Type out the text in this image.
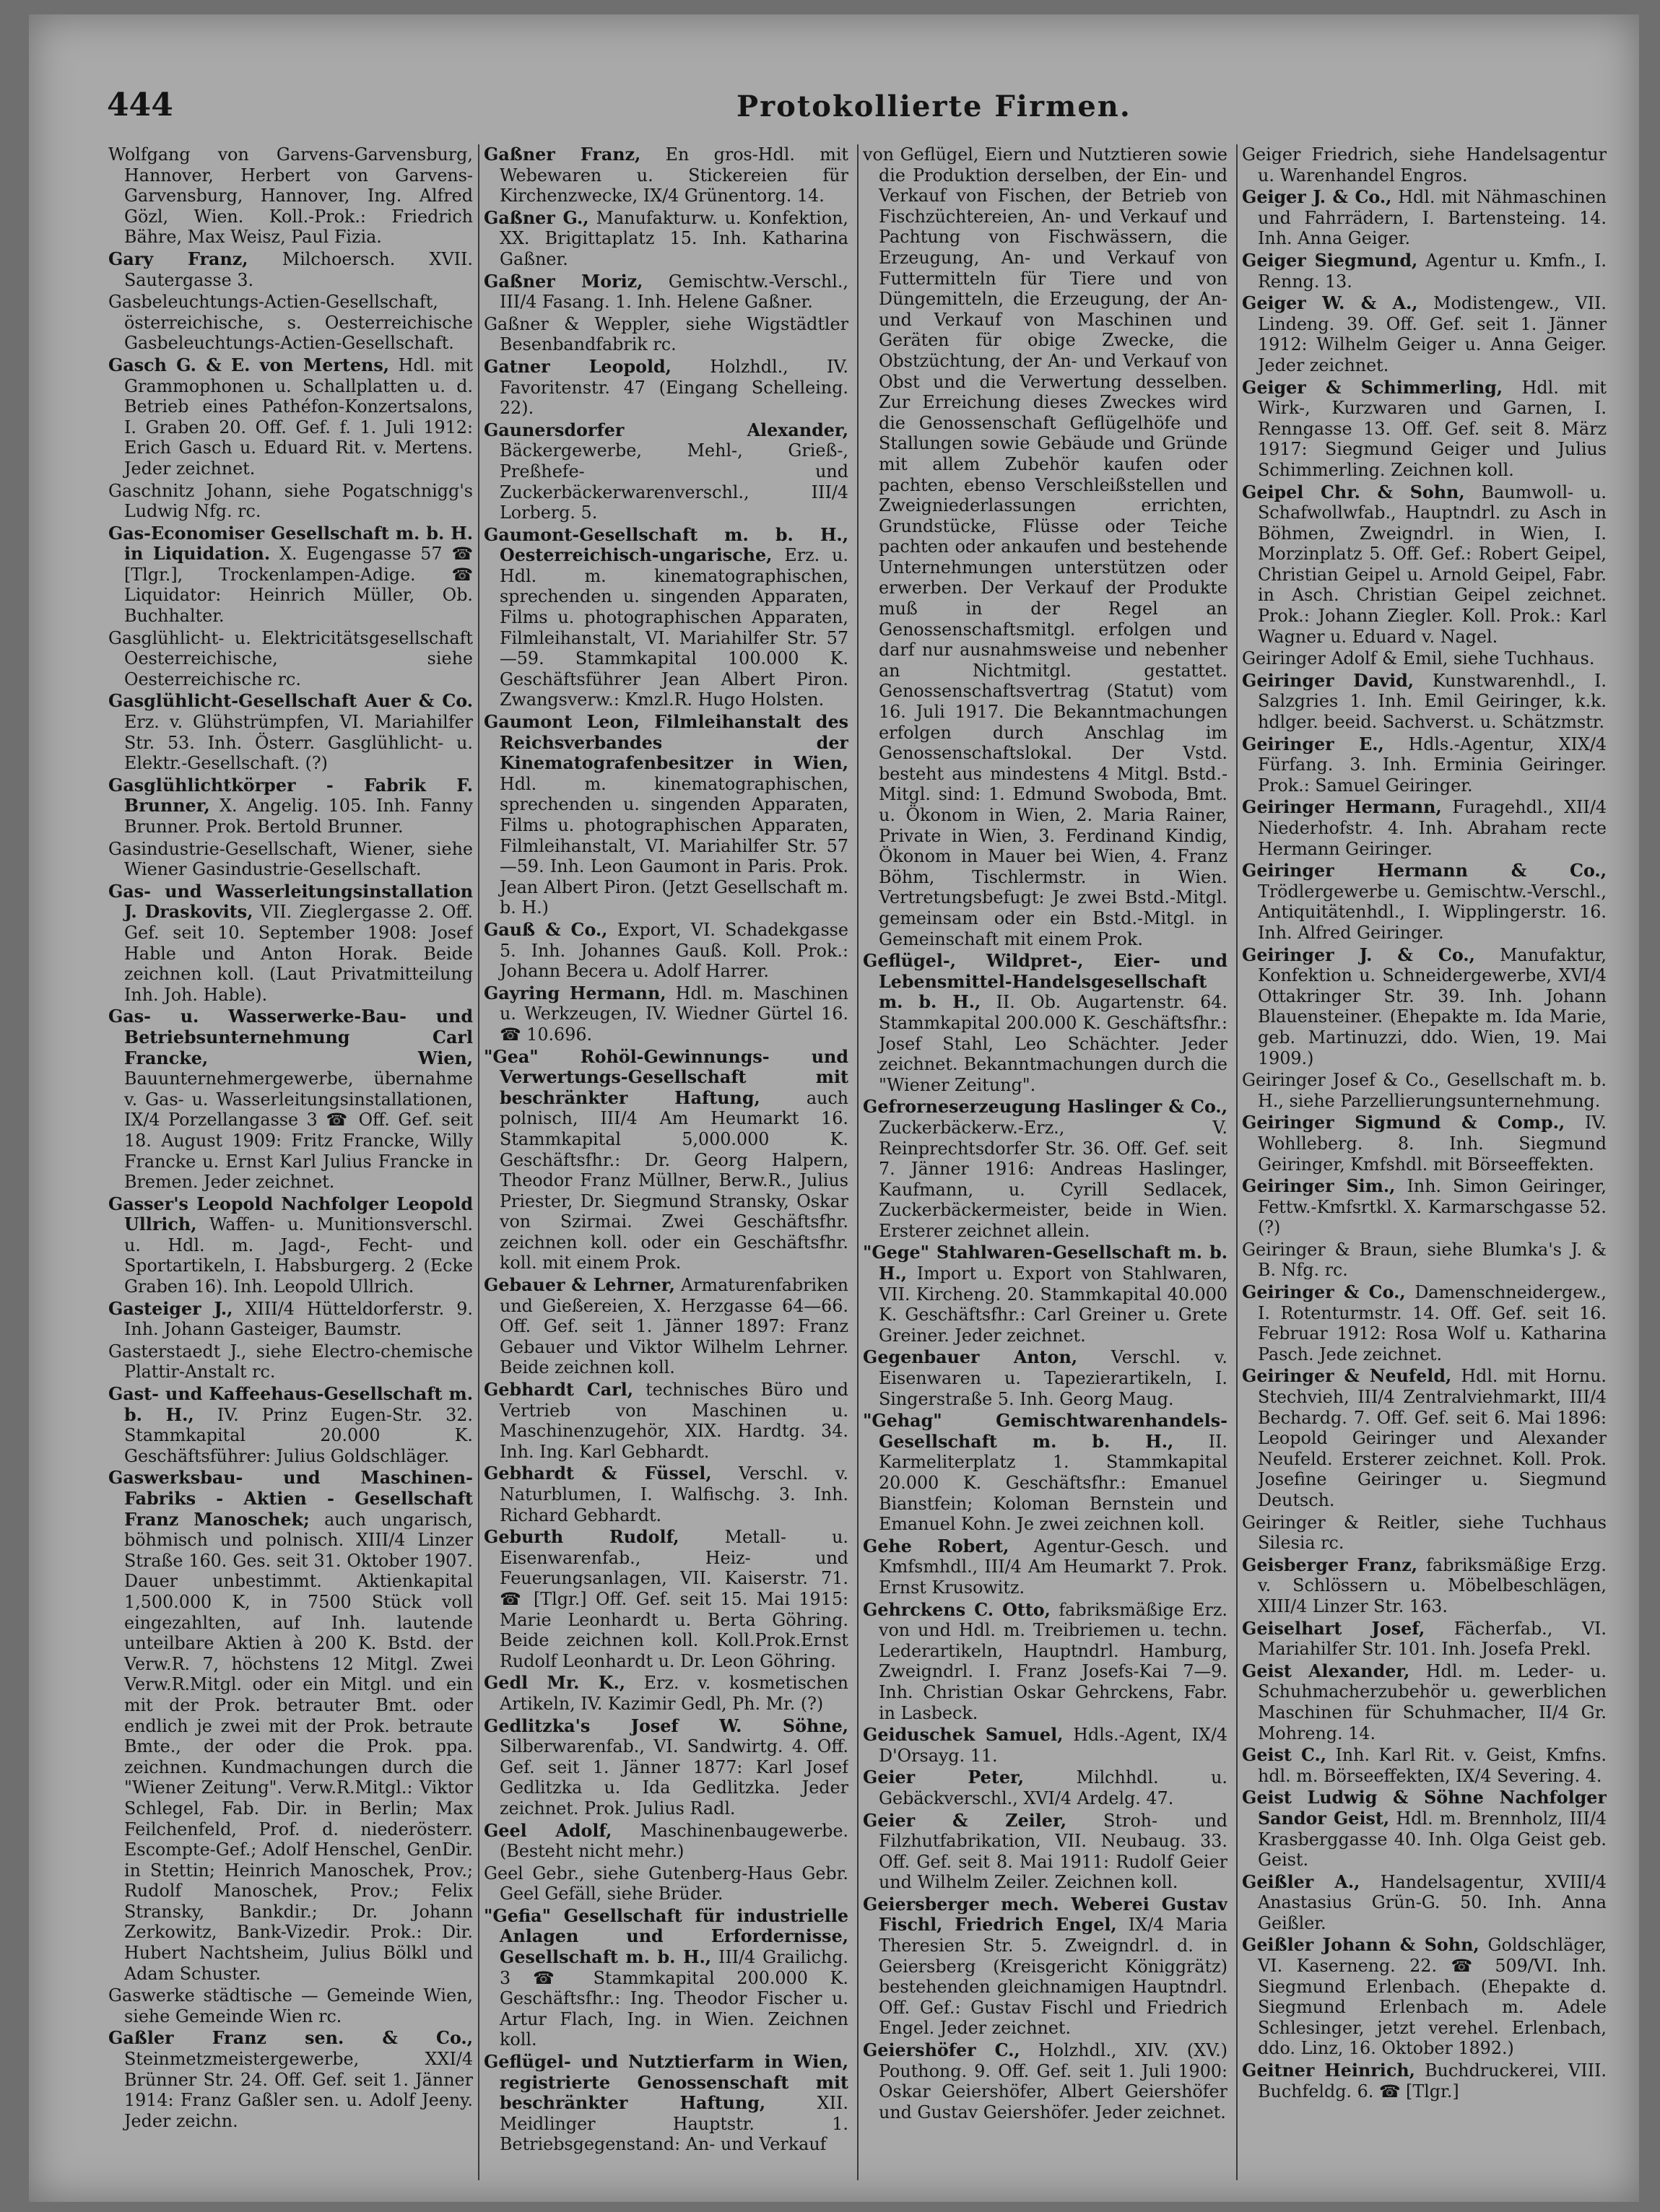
444	Protokollierte Firmen.
Wolfgang von Garvens-Garvensburg, Hannover, Herbert von Garvens-Garvensburg, Hannover, Ing. Alfred Gözl, Wien. Koll.-Prok.: Friedrich Bähre, Max Weisz, Paul Fizia.
Gary Franz, Milchoersch. XVII. Sautergasse 3.
Gasbeleuchtungs-Actien-Gesellschaft, österreichische, s. Oesterreichische Gasbeleuchtungs-Actien-Gesellschaft.
Gasch G. & E. von Mertens, Hdl. mit Grammophonen u. Schallplatten u. d. Betrieb eines Pathéfon-Konzertsalons, I. Graben 20. Off. Gef. f. 1. Juli 1912: Erich Gasch u. Eduard Rit. v. Mertens. Jeder zeichnet.
Gaschnitz Johann, siehe Pogatschnigg's Ludwig Nfg. rc.
Gas-Economiser Gesellschaft m. b. H. in Liquidation. X. Eugengasse 57 ☎ [Tlgr.], Trockenlampen-Adige. ☎ Liquidator: Heinrich Müller, Ob. Buchhalter.
Gasglühlicht- u. Elektricitätsgesellschaft Oesterreichische, siehe Oesterreichische rc.
Gasglühlicht-Gesellschaft Auer & Co. Erz. v. Glühstrümpfen, VI. Mariahilfer Str. 53. Inh. Österr. Gasglühlicht- u. Elektr.-Gesellschaft. (?)
Gasglühlichtkörper - Fabrik F. Brunner, X. Angelig. 105. Inh. Fanny Brunner. Prok. Bertold Brunner.
Gasindustrie-Gesellschaft, Wiener, siehe Wiener Gasindustrie-Gesellschaft.
Gas- und Wasserleitungsinstallation J. Draskovits, VII. Zieglergasse 2. Off. Gef. seit 10. September 1908: Josef Hable und Anton Horak. Beide zeichnen koll. (Laut Privatmitteilung Inh. Joh. Hable).
Gas- u. Wasserwerke-Bau- und Betriebsunternehmung Carl Francke, Wien, Bauunternehmergewerbe, übernahme v. Gas- u. Wasserleitungsinstallationen, IX/4 Porzellangasse 3 ☎ Off. Gef. seit 18. August 1909: Fritz Francke, Willy Francke u. Ernst Karl Julius Francke in Bremen. Jeder zeichnet.
Gasser's Leopold Nachfolger Leopold Ullrich, Waffen- u. Munitionsverschl. u. Hdl. m. Jagd-, Fecht- und Sportartikeln, I. Habsburgerg. 2 (Ecke Graben 16). Inh. Leopold Ullrich.
Gasteiger J., XIII/4 Hütteldorferstr. 9. Inh. Johann Gasteiger, Baumstr.
Gasterstaedt J., siehe Electro-chemische Plattir-Anstalt rc.
Gast- und Kaffeehaus-Gesellschaft m. b. H., IV. Prinz Eugen-Str. 32. Stammkapital 20.000 K. Geschäftsführer: Julius Goldschläger.
Gaswerksbau- und Maschinen-Fabriks - Aktien - Gesellschaft Franz Manoschek; auch ungarisch, böhmisch und polnisch. XIII/4 Linzer Straße 160. Ges. seit 31. Oktober 1907. Dauer unbestimmt. Aktienkapital 1,500.000 K, in 7500 Stück voll eingezahlten, auf Inh. lautende unteilbare Aktien à 200 K. Bstd. der Verw.R. 7, höchstens 12 Mitgl. Zwei Verw.R.Mitgl. oder ein Mitgl. und ein mit der Prok. betrauter Bmt. oder endlich je zwei mit der Prok. betraute Bmte., der oder die Prok. ppa. zeichnen. Kundmachungen durch die "Wiener Zeitung". Verw.R.Mitgl.: Viktor Schlegel, Fab. Dir. in Berlin; Max Feilchenfeld, Prof. d. niederösterr. Escompte-Gef.; Adolf Henschel, GenDir. in Stettin; Heinrich Manoschek, Prov.; Rudolf Manoschek, Prov.; Felix Stransky, Bankdir.; Dr. Johann Zerkowitz, Bank-Vizedir. Prok.: Dir. Hubert Nachtsheim, Julius Bölkl und Adam Schuster.
Gaswerke städtische — Gemeinde Wien, siehe Gemeinde Wien rc.
Gaßler Franz sen. & Co., Steinmetzmeistergewerbe, XXI/4 Brünner Str. 24. Off. Gef. seit 1. Jänner 1914: Franz Gaßler sen. u. Adolf Jeeny. Jeder zeichn.
Gaßner Franz, En gros-Hdl. mit Webewaren u. Stickereien für Kirchenzwecke, IX/4 Grünentorg. 14.
Gaßner G., Manufakturw. u. Konfektion, XX. Brigittaplatz 15. Inh. Katharina Gaßner.
Gaßner Moriz, Gemischtw.-Verschl., III/4 Fasang. 1. Inh. Helene Gaßner.
Gaßner & Weppler, siehe Wigstädtler Besenbandfabrik rc.
Gatner Leopold, Holzhdl., IV. Favoritenstr. 47 (Eingang Schelleing. 22).
Gaunersdorfer Alexander, Bäckergewerbe, Mehl-, Grieß-, Preßhefe- und Zuckerbäckerwarenverschl., III/4 Lorberg. 5.
Gaumont-Gesellschaft m. b. H., Oesterreichisch-ungarische, Erz. u. Hdl. m. kinematographischen, sprechenden u. singenden Apparaten, Films u. photographischen Apparaten, Filmleihanstalt, VI. Mariahilfer Str. 57—59. Stammkapital 100.000 K. Geschäftsführer Jean Albert Piron. Zwangsverw.: Kmzl.R. Hugo Holsten.
Gaumont Leon, Filmleihanstalt des Reichsverbandes der Kinematografenbesitzer in Wien, Hdl. m. kinematographischen, sprechenden u. singenden Apparaten, Films u. photographischen Apparaten, Filmleihanstalt, VI. Mariahilfer Str. 57—59. Inh. Leon Gaumont in Paris. Prok. Jean Albert Piron. (Jetzt Gesellschaft m. b. H.)
Gauß & Co., Export, VI. Schadekgasse 5. Inh. Johannes Gauß. Koll. Prok.: Johann Becera u. Adolf Harrer.
Gayring Hermann, Hdl. m. Maschinen u. Werkzeugen, IV. Wiedner Gürtel 16. ☎ 10.696.
"Gea" Rohöl-Gewinnungs- und Verwertungs-Gesellschaft mit beschränkter Haftung,	auch polnisch, III/4 Am Heumarkt 16. Stammkapital 5,000.000 K. Geschäftsfhr.: Dr. Georg Halpern, Theodor Franz Müllner, Berw.R., Julius Priester, Dr. Siegmund Stransky, Oskar von Szirmai. Zwei Geschäftsfhr. zeichnen koll. oder ein Geschäftsfhr. koll. mit einem Prok.
Gebauer & Lehrner, Armaturenfabriken und Gießereien, X. Herzgasse 64—66. Off. Gef. seit 1. Jänner 1897: Franz Gebauer und Viktor Wilhelm Lehrner. Beide zeichnen koll.
Gebhardt Carl, technisches Büro und Vertrieb von Maschinen u. Maschinenzugehör, XIX. Hardtg. 34. Inh. Ing. Karl Gebhardt.
Gebhardt & Füssel, Verschl. v. Naturblumen, I. Walfischg. 3. Inh. Richard Gebhardt.
Geburth Rudolf,	Metall- u. Eisenwarenfab., Heiz- und Feuerungsanlagen, VII. Kaiserstr. 71. ☎ [Tlgr.] Off. Gef. seit 15. Mai 1915: Marie Leonhardt u. Berta Göhring. Beide zeichnen koll. Koll.Prok.Ernst Rudolf Leonhardt u. Dr. Leon Göhring.
Gedl Mr. K., Erz. v. kosmetischen Artikeln, IV. Kazimir Gedl, Ph. Mr. (?)
Gedlitzka's Josef W. Söhne, Silberwarenfab., VI. Sandwirtg. 4. Off. Gef. seit 1. Jänner 1877: Karl Josef Gedlitzka u. Ida Gedlitzka. Jeder zeichnet. Prok. Julius Radl.
Geel Adolf, Maschinenbaugewerbe. (Besteht nicht mehr.)
Geel Gebr., siehe Gutenberg-Haus Gebr. Geel Gefäll, siehe Brüder.
"Gefia" Gesellschaft für industrielle Anlagen und Erfordernisse, Gesellschaft m. b. H., III/4 Grailichg. 3 ☎ Stammkapital 200.000 K. Geschäftsfhr.: Ing. Theodor Fischer u. Artur Flach, Ing. in Wien. Zeichnen koll.
Geflügel- und Nutztierfarm in Wien, registrierte Genossenschaft mit beschränkter Haftung,	XII. Meidlinger Hauptstr. 1. Betriebsgegenstand: An- und Verkauf
von Geflügel, Eiern und Nutztieren sowie die Produktion derselben, der Ein- und Verkauf von Fischen, der Betrieb von Fischzüchtereien, An- und Verkauf und Pachtung von Fischwässern, die Erzeugung, An- und Verkauf von Futtermitteln für Tiere und von Düngemitteln, die Erzeugung, der An- und Verkauf von Maschinen und Geräten für obige Zwecke, die Obstzüchtung, der An- und Verkauf von Obst und die Verwertung desselben. Zur Erreichung dieses Zweckes wird die Genossenschaft Geflügelhöfe und Stallungen sowie Gebäude und Gründe mit allem Zubehör kaufen oder pachten, ebenso Verschleißstellen und Zweigniederlassungen errichten, Grundstücke, Flüsse oder Teiche pachten oder ankaufen und bestehende Unternehmungen unterstützen oder erwerben. Der Verkauf der Produkte muß in der Regel an Genossenschaftsmitgl. erfolgen und darf nur ausnahmsweise und nebenher an Nichtmitgl. gestattet. Genossenschaftsvertrag (Statut) vom 16. Juli 1917. Die Bekanntmachungen erfolgen durch Anschlag im Genossenschaftslokal. Der Vstd. besteht aus mindestens 4 Mitgl. Bstd.-Mitgl. sind: 1. Edmund Swoboda, Bmt. u. Ökonom in Wien, 2. Maria Rainer, Private in Wien, 3. Ferdinand Kindig, Ökonom in Mauer bei Wien, 4. Franz Böhm, Tischlermstr. in Wien. Vertretungsbefugt: Je zwei Bstd.-Mitgl. gemeinsam oder ein Bstd.-Mitgl. in Gemeinschaft mit einem Prok.
Geflügel-, Wildpret-, Eier- und Lebensmittel-Handelsgesellschaft m. b. H., II. Ob. Augartenstr. 64. Stammkapital 200.000 K. Geschäftsfhr.: Josef Stahl, Leo Schächter. Jeder zeichnet. Bekanntmachungen durch die "Wiener Zeitung".
Gefrorneserzeugung Haslinger & Co., Zuckerbäckerw.-Erz., V. Reinprechtsdorfer Str. 36. Off. Gef. seit 7. Jänner 1916: Andreas Haslinger, Kaufmann, u. Cyrill Sedlacek, Zuckerbäckermeister, beide in Wien. Ersterer zeichnet allein.
"Gege" Stahlwaren-Gesellschaft m. b. H., Import u. Export von Stahlwaren, VII. Kircheng. 20. Stammkapital 40.000 K. Geschäftsfhr.: Carl Greiner u. Grete Greiner. Jeder zeichnet.
Gegenbauer Anton, Verschl. v. Eisenwaren u. Tapezierartikeln, I. Singerstraße 5. Inh. Georg Maug.
"Gehag" Gemischtwarenhandels-Gesellschaft m. b. H., II. Karmeliterplatz 1. Stammkapital 20.000 K. Geschäftsfhr.: Emanuel Bianstfein; Koloman Bernstein und Emanuel Kohn. Je zwei zeichnen koll.
Gehe Robert, Agentur-Gesch. und Kmfsmhdl., III/4 Am Heumarkt 7. Prok. Ernst Krusowitz.
Gehrckens C. Otto, fabriksmäßige Erz. von und Hdl. m. Treibriemen u. techn. Lederartikeln, Hauptndrl. Hamburg, Zweigndrl. I. Franz Josefs-Kai 7—9. Inh. Christian Oskar Gehrckens, Fabr. in Lasbeck.
Geiduschek Samuel, Hdls.-Agent, IX/4 D'Orsayg. 11.
Geier Peter,	Milchhdl. u. Gebäckverschl., XVI/4 Ardelg. 47.
Geier & Zeiler, Stroh- und Filzhutfabrikation, VII. Neubaug. 33. Off. Gef. seit 8. Mai 1911: Rudolf Geier und Wilhelm Zeiler. Zeichnen koll.
Geiersberger mech. Weberei Gustav Fischl, Friedrich Engel, IX/4 Maria Theresien Str. 5. Zweigndrl. d. in Geiersberg (Kreisgericht Königgrätz) bestehenden gleichnamigen Hauptndrl. Off. Gef.: Gustav Fischl und Friedrich Engel. Jeder zeichnet.
Geiershöfer C., Holzhdl., XIV. (XV.) Pouthong. 9. Off. Gef. seit 1. Juli 1900: Oskar Geiershöfer, Albert Geiershöfer und Gustav Geiershöfer. Jeder zeichnet.
Geiger Friedrich, siehe Handelsagentur u. Warenhandel Engros.
Geiger J. & Co., Hdl. mit Nähmaschinen und Fahrrädern, I. Bartensteing. 14. Inh. Anna Geiger.
Geiger Siegmund, Agentur u. Kmfn., I. Renng. 13.
Geiger W. & A., Modistengew., VII. Lindeng. 39. Off. Gef. seit 1. Jänner 1912: Wilhelm Geiger u. Anna Geiger. Jeder zeichnet.
Geiger & Schimmerling, Hdl. mit Wirk-, Kurzwaren und Garnen, I. Renngasse 13. Off. Gef. seit 8. März 1917: Siegmund Geiger und Julius Schimmerling. Zeichnen koll.
Geipel Chr. & Sohn, Baumwoll- u. Schafwollwfab., Hauptndrl. zu Asch in Böhmen, Zweigndrl. in Wien, I. Morzinplatz 5. Off. Gef.: Robert Geipel, Christian Geipel u. Arnold Geipel, Fabr. in Asch. Christian Geipel zeichnet. Prok.: Johann Ziegler. Koll. Prok.: Karl Wagner u. Eduard v. Nagel.
Geiringer Adolf & Emil, siehe Tuchhaus.
Geiringer David, Kunstwarenhdl., I. Salzgries 1. Inh. Emil Geiringer, k.k. hdlger. beeid. Sachverst. u. Schätzmstr.
Geiringer E., Hdls.-Agentur, XIX/4 Fürfang. 3. Inh. Erminia Geiringer. Prok.: Samuel Geiringer.
Geiringer Hermann, Furagehdl., XII/4 Niederhofstr. 4. Inh. Abraham recte Hermann Geiringer.
Geiringer Hermann & Co., Trödlergewerbe u. Gemischtw.-Verschl., Antiquitätenhdl., I. Wipplingerstr. 16. Inh. Alfred Geiringer.
Geiringer J. & Co., Manufaktur, Konfektion u. Schneidergewerbe, XVI/4 Ottakringer Str. 39. Inh. Johann Blauensteiner. (Ehepakte m. Ida Marie, geb. Martinuzzi, ddo. Wien, 19. Mai 1909.)
Geiringer Josef & Co., Gesellschaft m. b. H., siehe Parzellierungsunternehmung.
Geiringer Sigmund & Comp., IV. Wohlleberg. 8. Inh. Siegmund Geiringer, Kmfshdl. mit Börseeffekten.
Geiringer Sim., Inh. Simon Geiringer, Fettw.-Kmfsrtkl. X. Karmarschgasse 52. (?)
Geiringer & Braun, siehe Blumka's J. & B. Nfg. rc.
Geiringer & Co., Damenschneidergew., I. Rotenturmstr. 14. Off. Gef. seit 16. Februar 1912: Rosa Wolf u. Katharina Pasch. Jede zeichnet.
Geiringer & Neufeld, Hdl. mit Hornu. Stechvieh, III/4 Zentralviehmarkt, III/4 Bechardg. 7. Off. Gef. seit 6. Mai 1896: Leopold Geiringer und Alexander Neufeld. Ersterer zeichnet. Koll. Prok. Josefine Geiringer u. Siegmund Deutsch.
Geiringer & Reitler, siehe Tuchhaus Silesia rc.
Geisberger Franz, fabriksmäßige Erzg. v. Schlössern u. Möbelbeschlägen, XIII/4 Linzer Str. 163.
Geiselhart Josef, Fächerfab., VI. Mariahilfer Str. 101. Inh. Josefa Prekl.
Geist Alexander, Hdl. m. Leder- u. Schuhmacherzubehör u. gewerblichen Maschinen für Schuhmacher, II/4 Gr. Mohreng. 14.
Geist C., Inh. Karl Rit. v. Geist, Kmfns. hdl. m. Börseeffekten, IX/4 Severing. 4.
Geist Ludwig & Söhne Nachfolger Sandor Geist, Hdl. m. Brennholz, III/4 Krasberggasse 40. Inh. Olga Geist geb. Geist.
Geißler A., Handelsagentur, XVIII/4 Anastasius Grün-G. 50. Inh. Anna Geißler.
Geißler Johann & Sohn, Goldschläger, VI. Kaserneng. 22. ☎ 509/VI. Inh. Siegmund Erlenbach. (Ehepakte d. Siegmund Erlenbach m. Adele Schlesinger, jetzt verehel. Erlenbach, ddo. Linz, 16. Oktober 1892.)
Geitner Heinrich, Buchdruckerei, VIII. Buchfeldg. 6. ☎ [Tlgr.]
